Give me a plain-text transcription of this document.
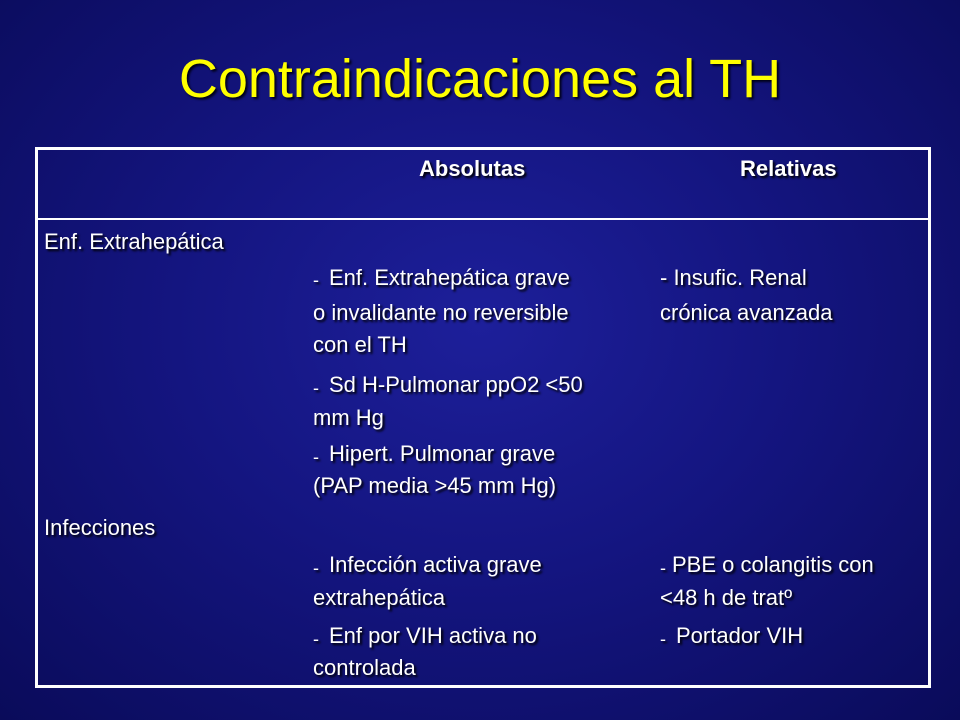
Contraindicaciones al TH
Absolutas	Relativas
Enf. Extrahepática
- Enf. Extrahepática grave
o invalidante no reversible
con el TH
- Sd H-Pulmonar ppO2 <50
mm Hg
- Hipert. Pulmonar grave
(PAP media >45 mm Hg)
- Insufic. Renal
crónica avanzada
Infecciones
- Infección activa grave
extrahepática
- Enf por VIH activa no
controlada
- PBE o colangitis con
<48 h de tratº
- Portador VIH
